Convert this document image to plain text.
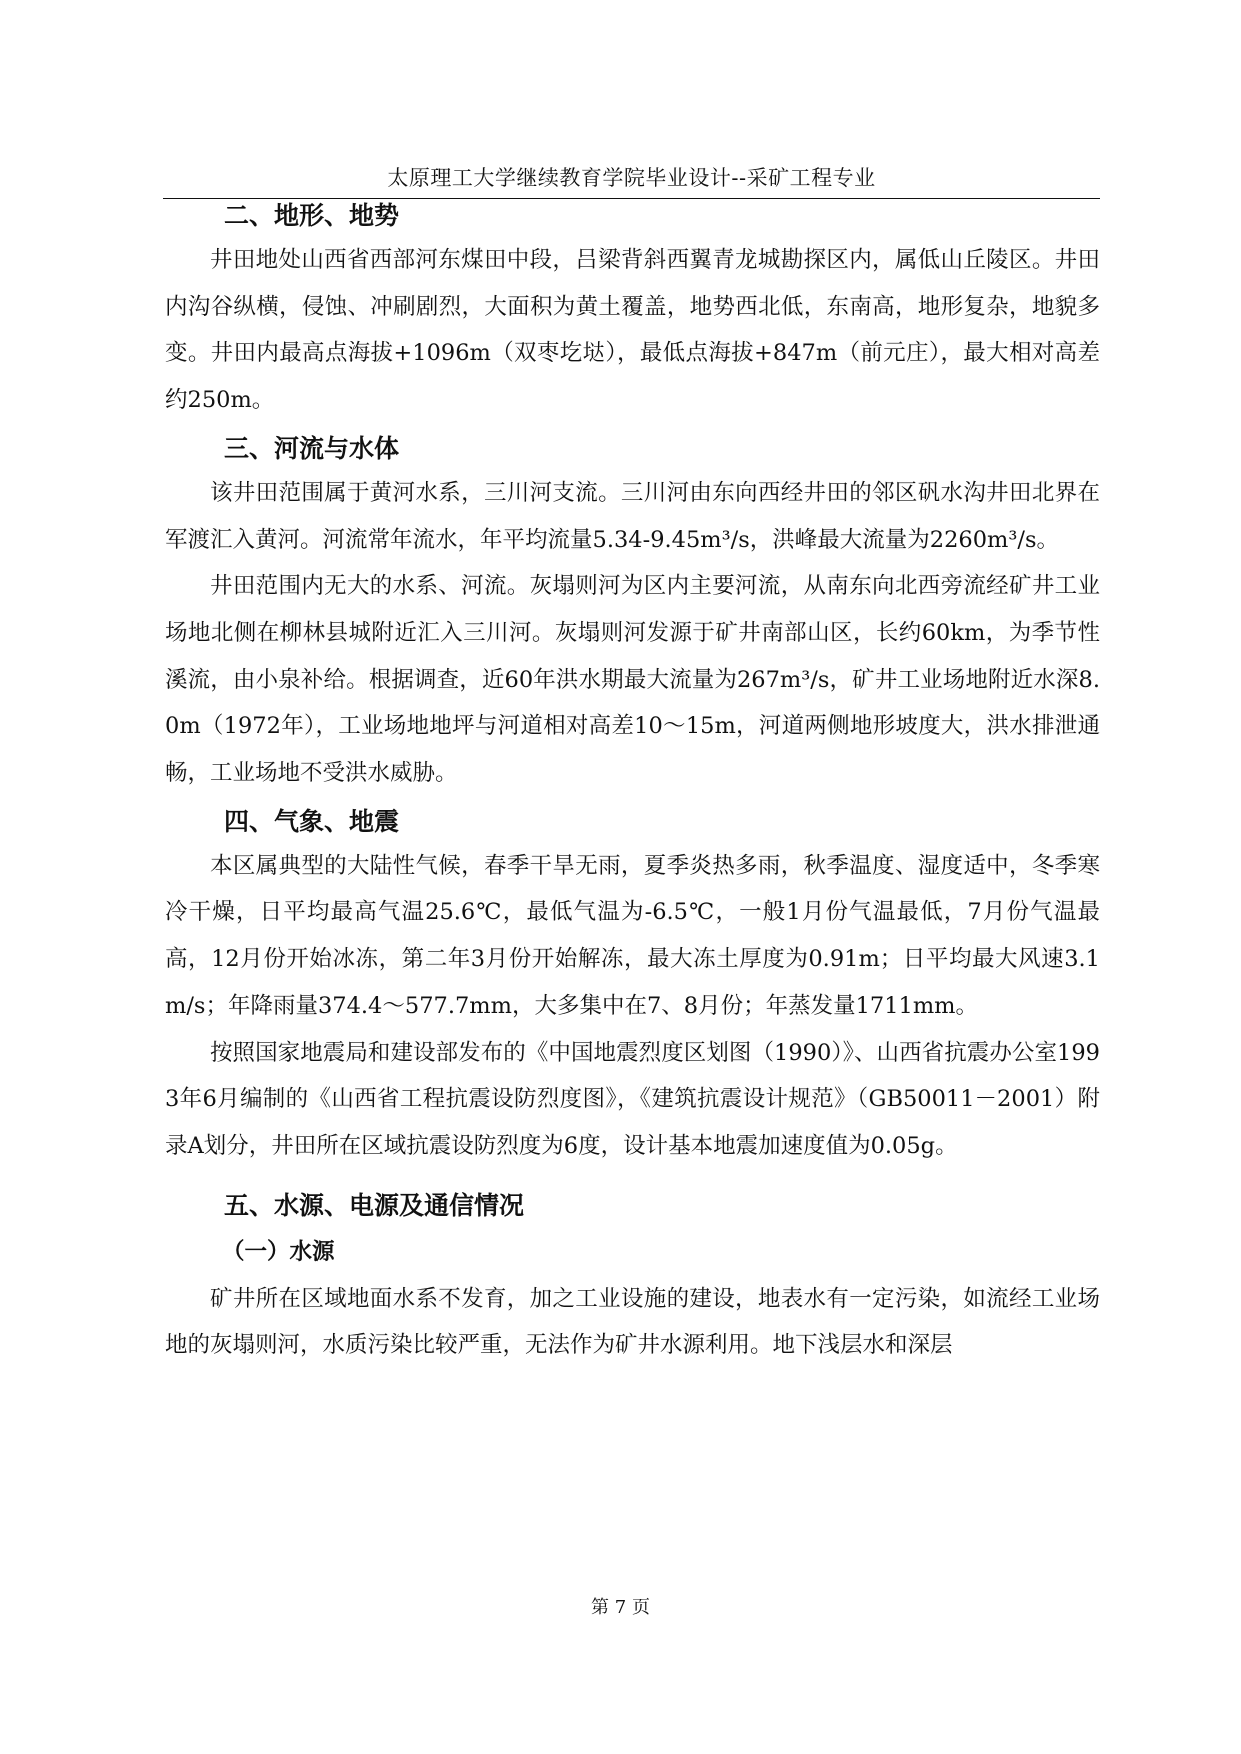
太原理工大学继续教育学院毕业设计--采矿工程专业
二、地形、地势

井田地处山西省西部河东煤田中段，吕梁背斜西翼青龙城勘探区内，属低山丘陵区。井田内沟谷纵横，侵蚀、冲刷剧烈，大面积为黄土覆盖，地势西北低，东南高，地形复杂，地貌多变。井田内最高点海拔+1096m（双枣圪垯），最低点海拔+847m（前元庄），最大相对高差约250m。

三、河流与水体

该井田范围属于黄河水系，三川河支流。三川河由东向西经井田的邻区矾水沟井田北界在军渡汇入黄河。河流常年流水，年平均流量5.34-9.45m³/s，洪峰最大流量为2260m³/s。

井田范围内无大的水系、河流。灰塌则河为区内主要河流，从南东向北西旁流经矿井工业场地北侧在柳林县城附近汇入三川河。灰塌则河发源于矿井南部山区，长约60km，为季节性溪流，由小泉补给。根据调查，近60年洪水期最大流量为267m³/s，矿井工业场地附近水深8.0m（1972年），工业场地地坪与河道相对高差10～15m，河道两侧地形坡度大，洪水排泄通畅，工业场地不受洪水威胁。

四、气象、地震

本区属典型的大陆性气候，春季干旱无雨，夏季炎热多雨，秋季温度、湿度适中，冬季寒冷干燥，日平均最高气温25.6℃，最低气温为-6.5℃，一般1月份气温最低，7月份气温最高，12月份开始冰冻，第二年3月份开始解冻，最大冻土厚度为0.91m；日平均最大风速3.1m/s；年降雨量374.4～577.7mm，大多集中在7、8月份；年蒸发量1711mm。

按照国家地震局和建设部发布的《中国地震烈度区划图（1990）》、山西省抗震办公室1993年6月编制的《山西省工程抗震设防烈度图》，《建筑抗震设计规范》（GB50011－2001）附录A划分，井田所在区域抗震设防烈度为6度，设计基本地震加速度值为0.05g。

五、水源、电源及通信情况
（一）水源

矿井所在区域地面水系不发育，加之工业设施的建设，地表水有一定污染，如流经工业场地的灰塌则河，水质污染比较严重，无法作为矿井水源利用。地下浅层水和深层

第 7 页
